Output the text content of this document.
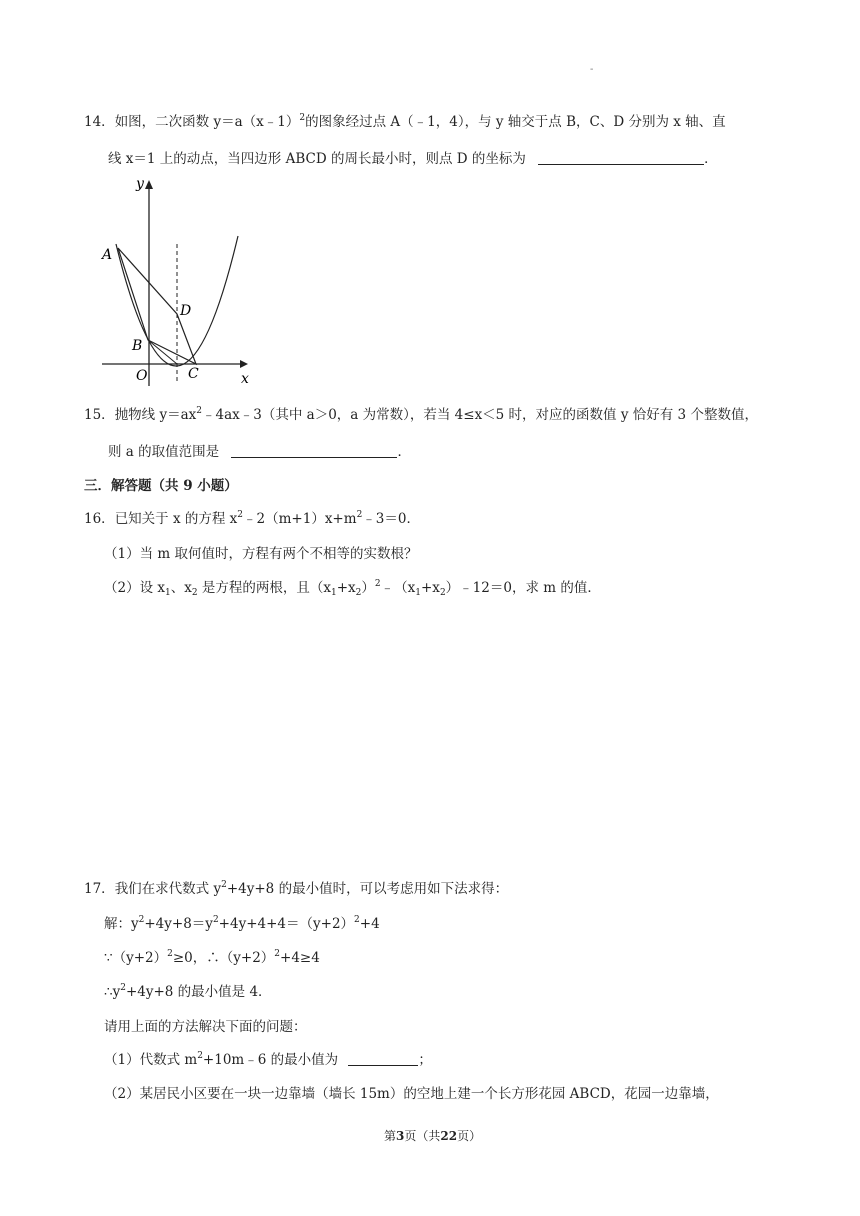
-
14．如图，二次函数 y＝a（x﹣1）$^2$的图象经过点 A（﹣1，4），与 y 轴交于点 B，C、D 分别为 x 轴、直
线 x＝1 上的动点，当四边形 ABCD 的周长最小时，则点 D 的坐标为	．
y
A
D
B
O	C	x
15．抛物线 $y=ax^2﹣4ax﹣3$（其中 a＞0，a 为常数），若当 4≤x＜5 时，对应的函数值 y 恰好有 3 个整数值，
则 a 的取值范围是	．
三．解答题（共 9 小题）
16．已知关于 x 的方程 $x^2﹣2(m+1)x+m^2﹣3=0$．
（1）当 m 取何值时，方程有两个不相等的实数根？
（2）设 $x_1$、$x_2$ 是方程的两根，且$(x_1+x_2)^2﹣(x_1+x_2)﹣12=0$，求 m 的值．
17．我们在求代数式 $y^2+4y+8$ 的最小值时，可以考虑用如下法求得：
解：$y^2+4y+8=y^2+4y+4+4=(y+2)^2+4$
$\because(y+2)^2\ge 0$，$\therefore(y+2)^2+4\ge 4$
$\therefore y^2+4y+8$ 的最小值是 4．
请用上面的方法解决下面的问题：
（1）代数式 $m^2+10m﹣6$ 的最小值为	；
（2）某居民小区要在一块一边靠墙（墙长 15m）的空地上建一个长方形花园 ABCD，花园一边靠墙，
第3页（共22页）
